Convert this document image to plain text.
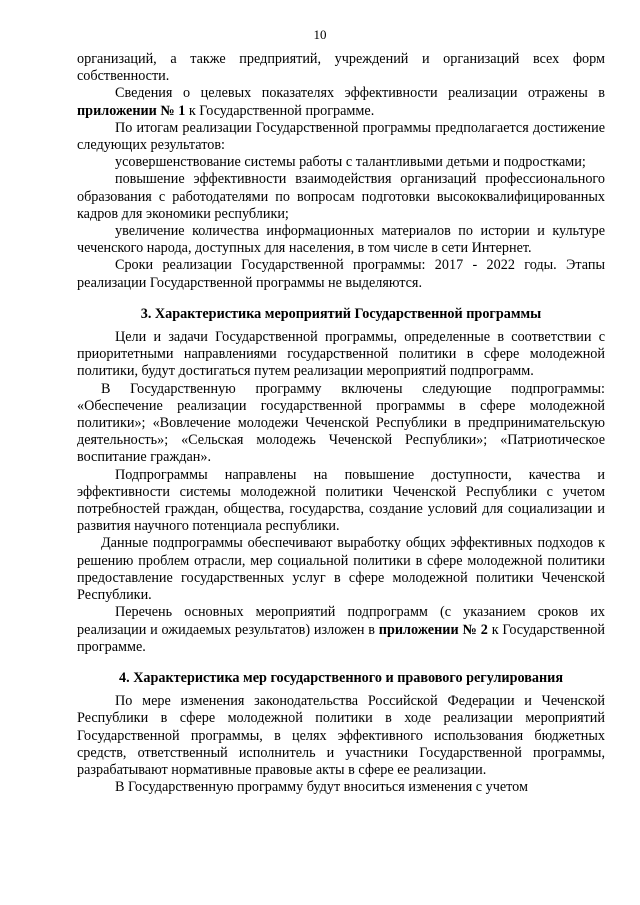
10

организаций, а также предприятий, учреждений и организаций всех форм собственности.

Сведения о целевых показателях эффективности реализации отражены в приложении № 1 к Государственной программе.

По итогам реализации Государственной программы предполагается достижение следующих результатов:

усовершенствование системы работы с талантливыми детьми и подростками;

повышение эффективности взаимодействия организаций профессионального образования с работодателями по вопросам подготовки высококвалифицированных кадров для экономики республики;

увеличение количества информационных материалов по истории и культуре чеченского народа, доступных для населения, в том числе в сети Интернет.

Сроки реализации Государственной программы: 2017 - 2022 годы. Этапы реализации Государственной программы не выделяются.

3. Характеристика мероприятий Государственной программы

Цели и задачи Государственной программы, определенные в соответствии с приоритетными направлениями государственной политики в сфере молодежной политики, будут достигаться путем реализации мероприятий подпрограмм.

В Государственную программу включены следующие подпрограммы: «Обеспечение реализации государственной программы в сфере молодежной политики»; «Вовлечение молодежи Чеченской Республики в предпринимательскую деятельность»; «Сельская молодежь Чеченской Республики»; «Патриотическое воспитание граждан».

Подпрограммы направлены на повышение доступности, качества и эффективности системы молодежной политики Чеченской Республики с учетом потребностей граждан, общества, государства, создание условий для социализации и развития научного потенциала республики.

Данные подпрограммы обеспечивают выработку общих эффективных подходов к решению проблем отрасли, мер социальной политики в сфере молодежной политики предоставление государственных услуг в сфере молодежной политики Чеченской Республики.

Перечень основных мероприятий подпрограмм (с указанием сроков их реализации и ожидаемых результатов) изложен в приложении № 2 к Государственной программе.

4. Характеристика мер государственного и правового регулирования

По мере изменения законодательства Российской Федерации и Чеченской Республики в сфере молодежной политики в ходе реализации мероприятий Государственной программы, в целях эффективного использования бюджетных средств, ответственный исполнитель и участники Государственной программы, разрабатывают нормативные правовые акты в сфере ее реализации.

В Государственную программу будут вноситься изменения с учетом
